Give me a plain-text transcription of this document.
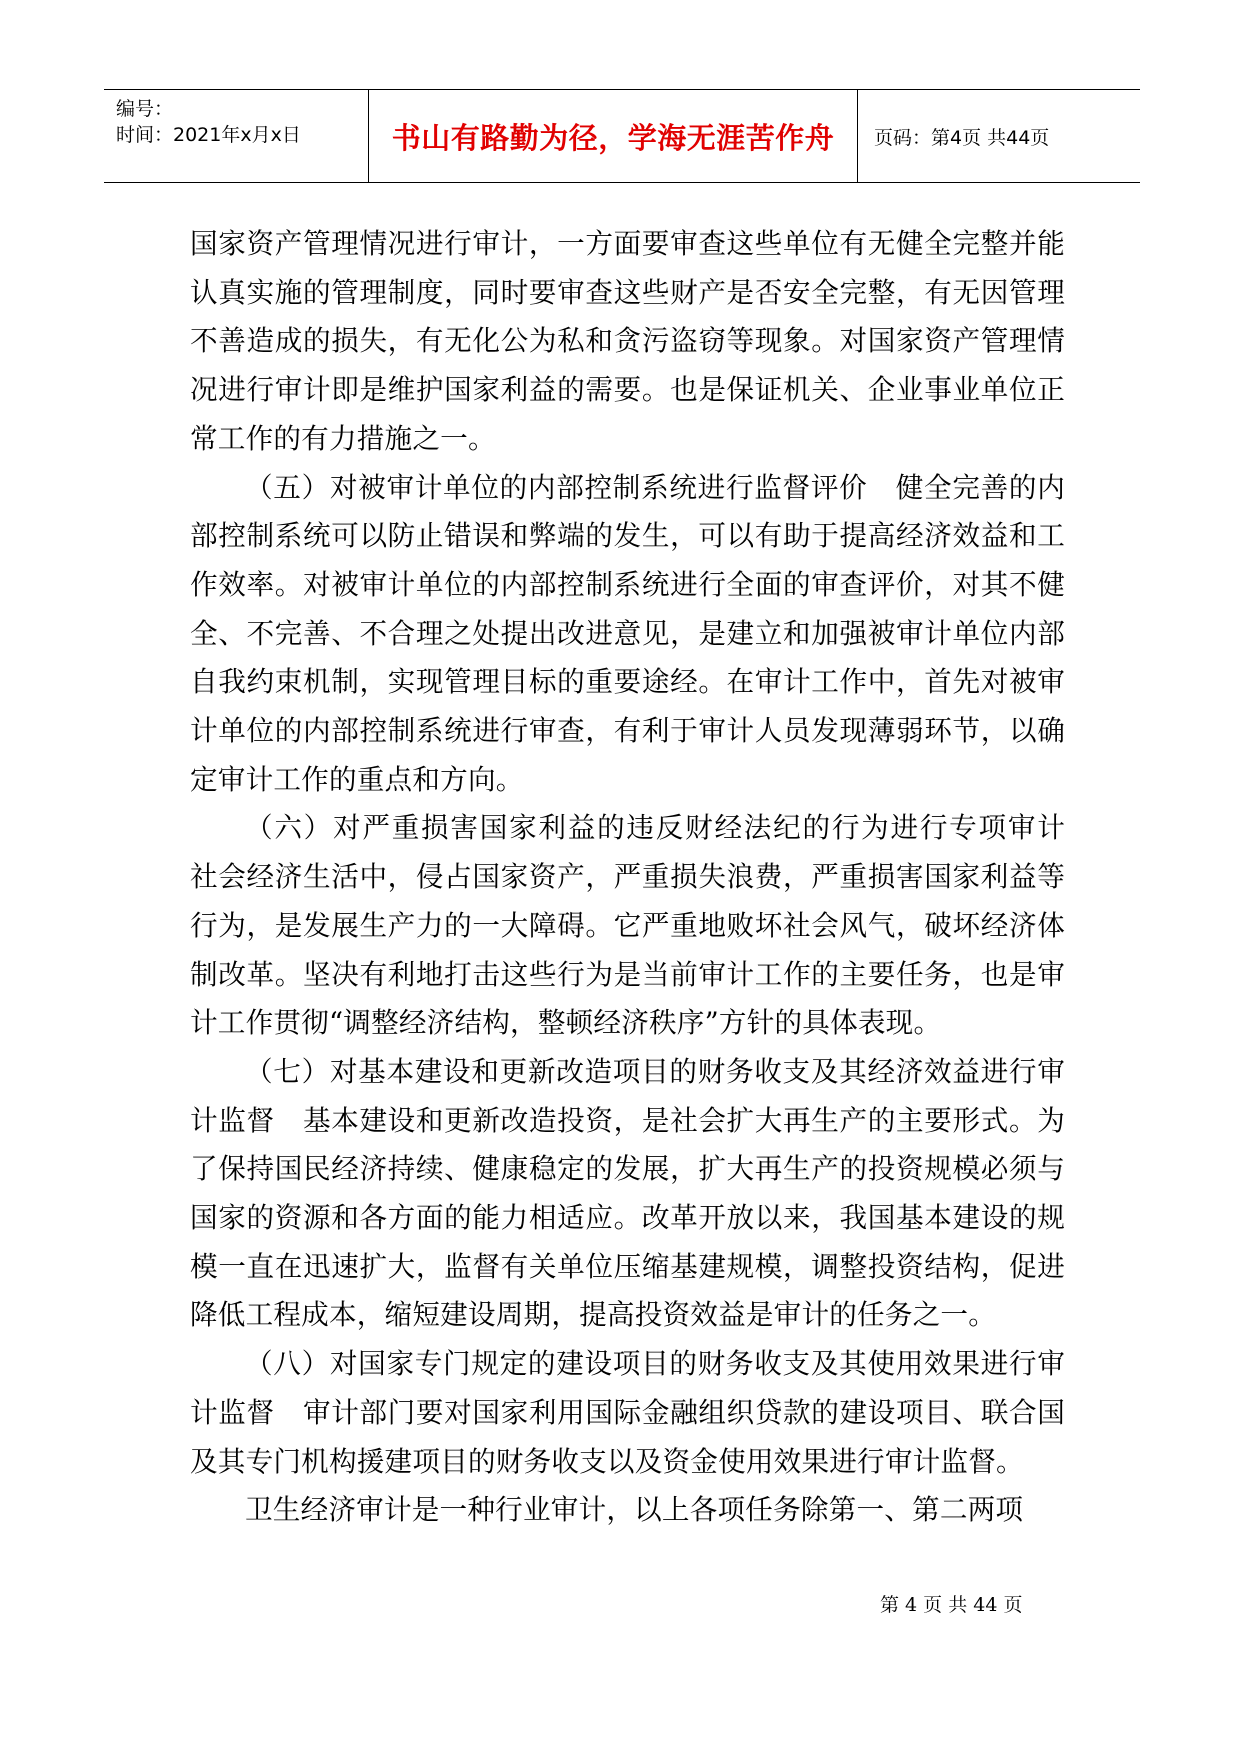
编号：
时间：2021年x月x日	书山有路勤为径，学海无涯苦作舟 页码：第4页 共44页

国家资产管理情况进行审计，一方面要审查这些单位有无健全完整并能认真实施的管理制度，同时要审查这些财产是否安全完整，有无因管理不善造成的损失，有无化公为私和贪污盗窃等现象。对国家资产管理情况进行审计即是维护国家利益的需要。也是保证机关、企业事业单位正常工作的有力措施之一。

（五）对被审计单位的内部控制系统进行监督评价　健全完善的内部控制系统可以防止错误和弊端的发生，可以有助于提高经济效益和工作效率。对被审计单位的内部控制系统进行全面的审查评价，对其不健全、不完善、不合理之处提出改进意见，是建立和加强被审计单位内部自我约束机制，实现管理目标的重要途经。在审计工作中，首先对被审计单位的内部控制系统进行审查，有利于审计人员发现薄弱环节，以确定审计工作的重点和方向。

（六）对严重损害国家利益的违反财经法纪的行为进行专项审计　社会经济生活中，侵占国家资产，严重损失浪费，严重损害国家利益等行为，是发展生产力的一大障碍。它严重地败坏社会风气，破坏经济体制改革。坚决有利地打击这些行为是当前审计工作的主要任务，也是审计工作贯彻“调整经济结构，整顿经济秩序”方针的具体表现。

（七）对基本建设和更新改造项目的财务收支及其经济效益进行审计监督　基本建设和更新改造投资，是社会扩大再生产的主要形式。为了保持国民经济持续、健康稳定的发展，扩大再生产的投资规模必须与国家的资源和各方面的能力相适应。改革开放以来，我国基本建设的规模一直在迅速扩大，监督有关单位压缩基建规模，调整投资结构，促进降低工程成本，缩短建设周期，提高投资效益是审计的任务之一。

（八）对国家专门规定的建设项目的财务收支及其使用效果进行审计监督　审计部门要对国家利用国际金融组织贷款的建设项目、联合国及其专门机构援建项目的财务收支以及资金使用效果进行审计监督。

卫生经济审计是一种行业审计，以上各项任务除第一、第二两项

第 4 页 共 44 页
